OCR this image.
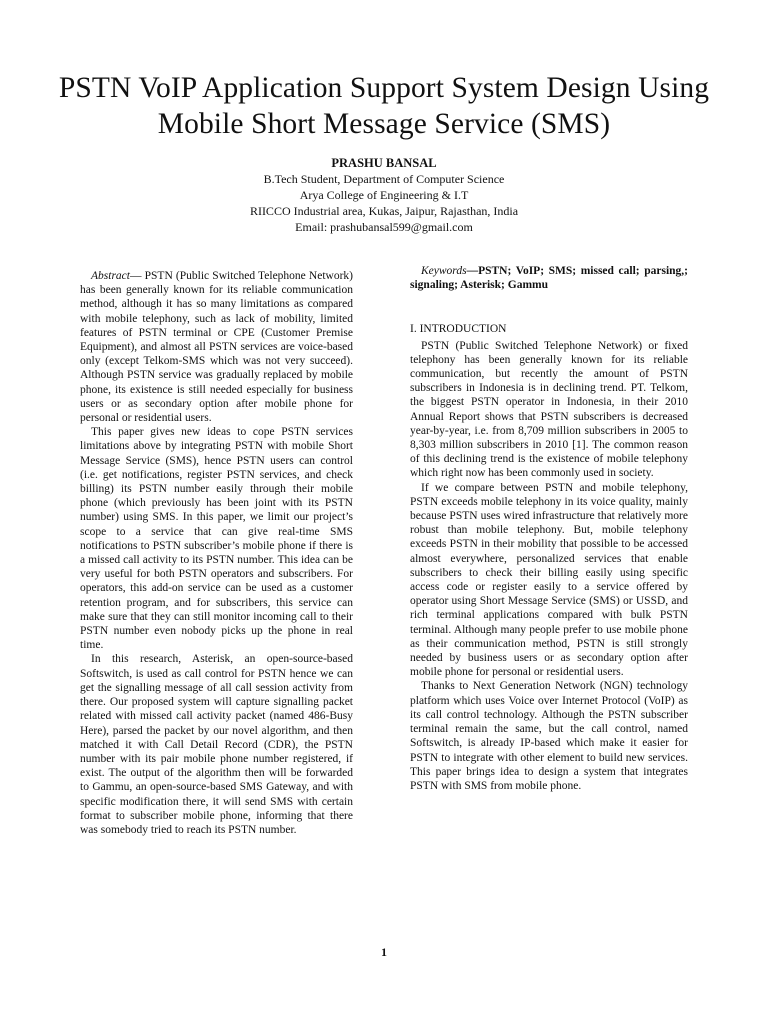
PSTN VoIP Application Support System Design Using Mobile Short Message Service (SMS)
PRASHU BANSAL
B.Tech Student, Department of Computer Science
Arya College of Engineering & I.T
RIICCO Industrial area, Kukas, Jaipur, Rajasthan, India
Email: prashubansal599@gmail.com

Abstract— PSTN (Public Switched Telephone Network) has been generally known for its reliable communication method, although it has so many limitations as compared with mobile telephony, such as lack of mobility, limited features of PSTN terminal or CPE (Customer Premise Equipment), and almost all PSTN services are voice-based only (except Telkom-SMS which was not very succeed). Although PSTN service was gradually replaced by mobile phone, its existence is still needed especially for business users or as secondary option after mobile phone for personal or residential users.

This paper gives new ideas to cope PSTN services limitations above by integrating PSTN with mobile Short Message Service (SMS), hence PSTN users can control (i.e. get notifications, register PSTN services, and check billing) its PSTN number easily through their mobile phone (which previously has been joint with its PSTN number) using SMS. In this paper, we limit our project’s scope to a service that can give real-time SMS notifications to PSTN subscriber’s mobile phone if there is a missed call activity to its PSTN number. This idea can be very useful for both PSTN operators and subscribers. For operators, this add-on service can be used as a customer retention program, and for subscribers, this service can make sure that they can still monitor incoming call to their PSTN number even nobody picks up the phone in real time.

In this research, Asterisk, an open-source-based Softswitch, is used as call control for PSTN hence we can get the signalling message of all call session activity from there. Our proposed system will capture signalling packet related with missed call activity packet (named 486-Busy Here), parsed the packet by our novel algorithm, and then matched it with Call Detail Record (CDR), the PSTN number with its pair mobile phone number registered, if exist. The output of the algorithm then will be forwarded to Gammu, an open-source-based SMS Gateway, and with specific modification there, it will send SMS with certain format to subscriber mobile phone, informing that there was somebody tried to reach its PSTN number.

Keywords—PSTN; VoIP; SMS; missed call; parsing,; signaling; Asterisk; Gammu

I. INTRODUCTION

PSTN (Public Switched Telephone Network) or fixed telephony has been generally known for its reliable communication, but recently the amount of PSTN subscribers in Indonesia is in declining trend. PT. Telkom, the biggest PSTN operator in Indonesia, in their 2010 Annual Report shows that PSTN subscribers is decreased year-by-year, i.e. from 8,709 million subscribers in 2005 to 8,303 million subscribers in 2010 [1]. The common reason of this declining trend is the existence of mobile telephony which right now has been commonly used in society.

If we compare between PSTN and mobile telephony, PSTN exceeds mobile telephony in its voice quality, mainly because PSTN uses wired infrastructure that relatively more robust than mobile telephony. But, mobile telephony exceeds PSTN in their mobility that possible to be accessed almost everywhere, personalized services that enable subscribers to check their billing easily using specific access code or register easily to a service offered by operator using Short Message Service (SMS) or USSD, and rich terminal applications compared with bulk PSTN terminal. Although many people prefer to use mobile phone as their communication method, PSTN is still strongly needed by business users or as secondary option after mobile phone for personal or residential users.

Thanks to Next Generation Network (NGN) technology platform which uses Voice over Internet Protocol (VoIP) as its call control technology. Although the PSTN subscriber terminal remain the same, but the call control, named Softswitch, is already IP-based which make it easier for PSTN to integrate with other element to build new services. This paper brings idea to design a system that integrates PSTN with SMS from mobile phone.

1
